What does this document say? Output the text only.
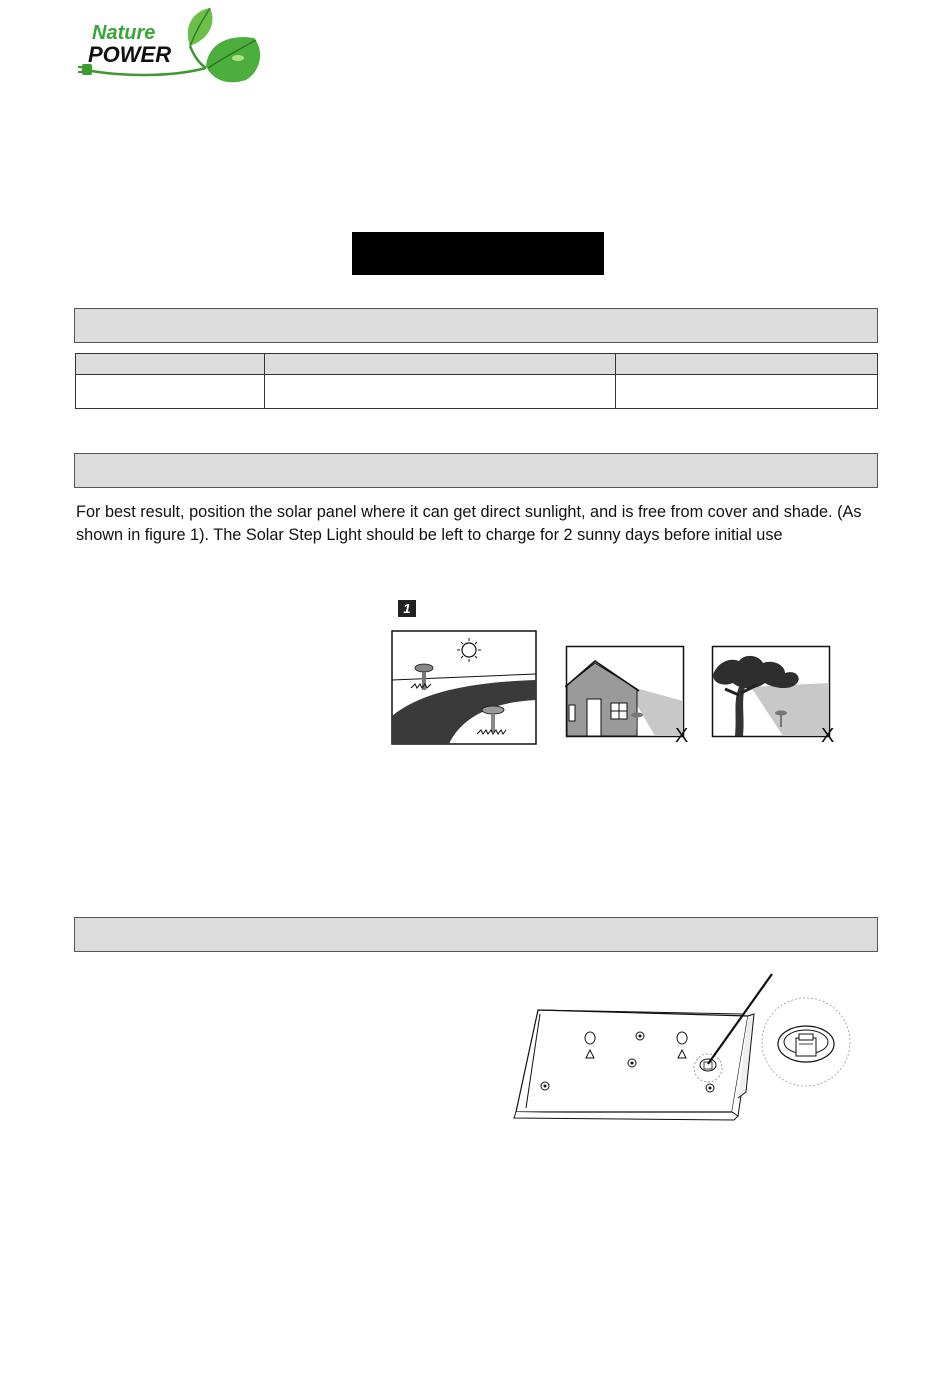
Nature
POWER

For best result, position the solar panel where it can get direct sunlight, and is free from cover and shade. (As shown in figure 1). The Solar Step Light should be left to charge for 2 sunny days before initial use
1
X	X
